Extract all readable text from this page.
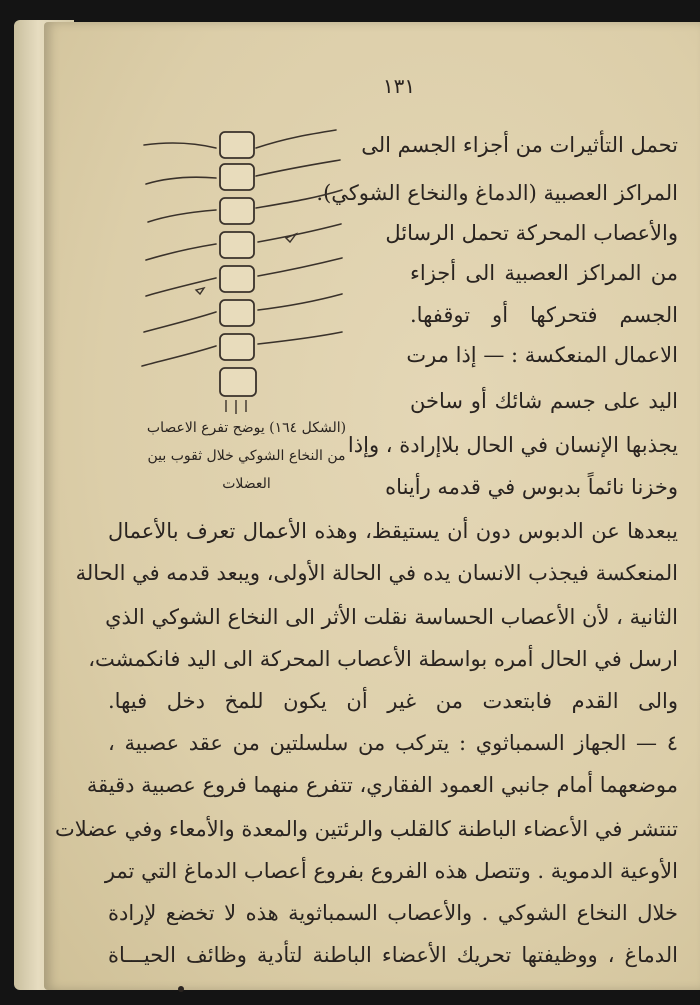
١٣١
تحمل التأثيرات من أجزاء الجسم الى
المراكز العصبية (الدماغ والنخاع الشوكي).
والأعصاب المحركة تحمل الرسائل
من المراكز العصبية الى أجزاء
الجسم فتحركها أو توقفها.
الاعمال المنعكسة : — إذا مرت
اليد على جسم شائك أو ساخن
يجذبها الإنسان في الحال بلاإرادة ، وإذا
وخزنا نائماً بدبوس في قدمه رأيناه
(الشكل ١٦٤) يوضح تفرع الاعصاب
من النخاع الشوكي خلال ثقوب بين
العضلات
يبعدها عن الدبوس دون أن يستيقظ، وهذه الأعمال تعرف بالأعمال
المنعكسة فيجذب الانسان يده في الحالة الأولى، ويبعد قدمه في الحالة
الثانية ، لأن الأعصاب الحساسة نقلت الأثر الى النخاع الشوكي الذي
ارسل في الحال أمره بواسطة الأعصاب المحركة الى اليد فانكمشت،
والى القدم فابتعدت من غير أن يكون للمخ دخل فيها.
٤ — الجهاز السمباثوي : يتركب من سلسلتين من عقد عصبية ،
موضعهما أمام جانبي العمود الفقاري، تتفرع منهما فروع عصبية دقيقة
تنتشر في الأعضاء الباطنة كالقلب والرئتين والمعدة والأمعاء وفي عضلات
الأوعية الدموية . وتتصل هذه الفروع بفروع أعصاب الدماغ التي تمر
خلال النخاع الشوكي . والأعصاب السمباثوية هذه لا تخضع لإرادة
الدماغ ، ووظيفتها تحريك الأعضاء الباطنة لتأدية وظائف الحيـــاة
